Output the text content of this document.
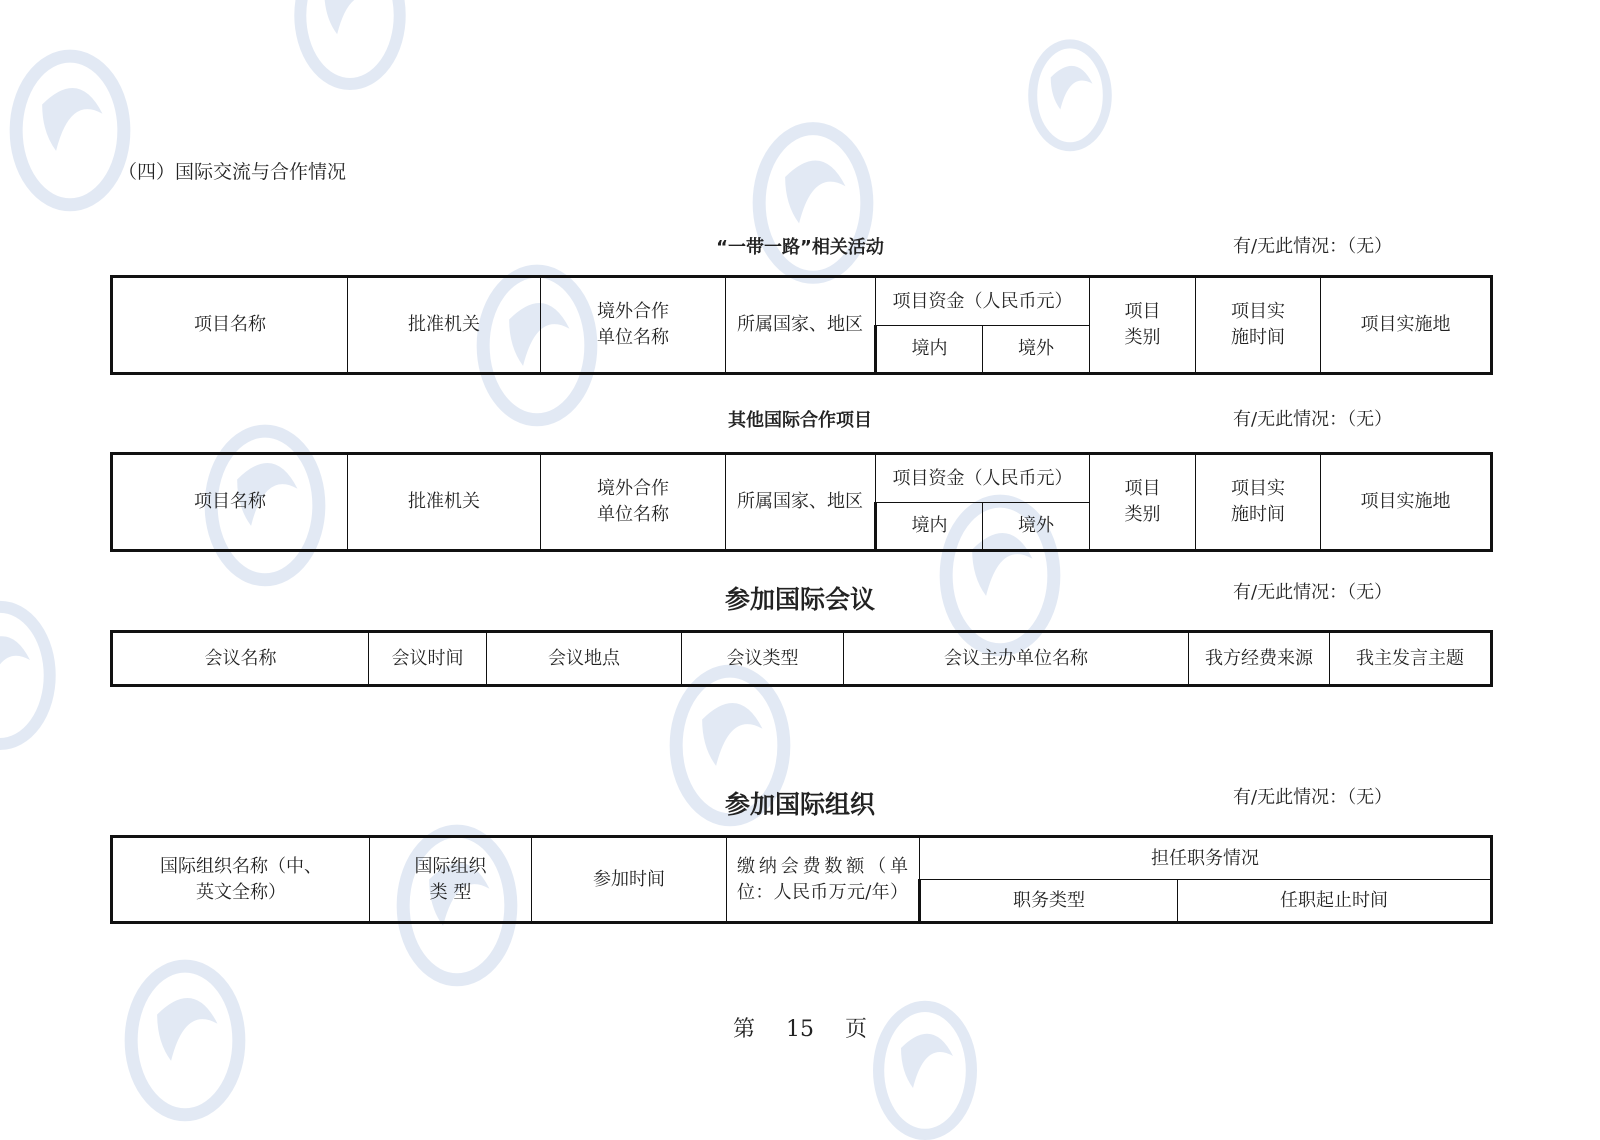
（四）国际交流与合作情况
“一带一路”相关活动	有/无此情况：（无）
项目名称	批准机关	境外合作单位名称	所属国家、地区	项目资金（人民币元）		项目类别	项目实施时间	项目实施地
				境内	境外			
其他国际合作项目	有/无此情况：（无）
项目名称	批准机关	境外合作单位名称	所属国家、地区	项目资金（人民币元）		项目类别	项目实施时间	项目实施地
				境内	境外			
参加国际会议	有/无此情况：（无）
会议名称	会议时间	会议地点	会议类型	会议主办单位名称	我方经费来源	我主发言主题
参加国际组织	有/无此情况：（无）
国际组织名称（中、英文全称）	国际组织类 型	参加时间	缴纳会费数额（单位：人民币万元/年）	担任职务情况	
				职务类型	任职起止时间
第 15 页
